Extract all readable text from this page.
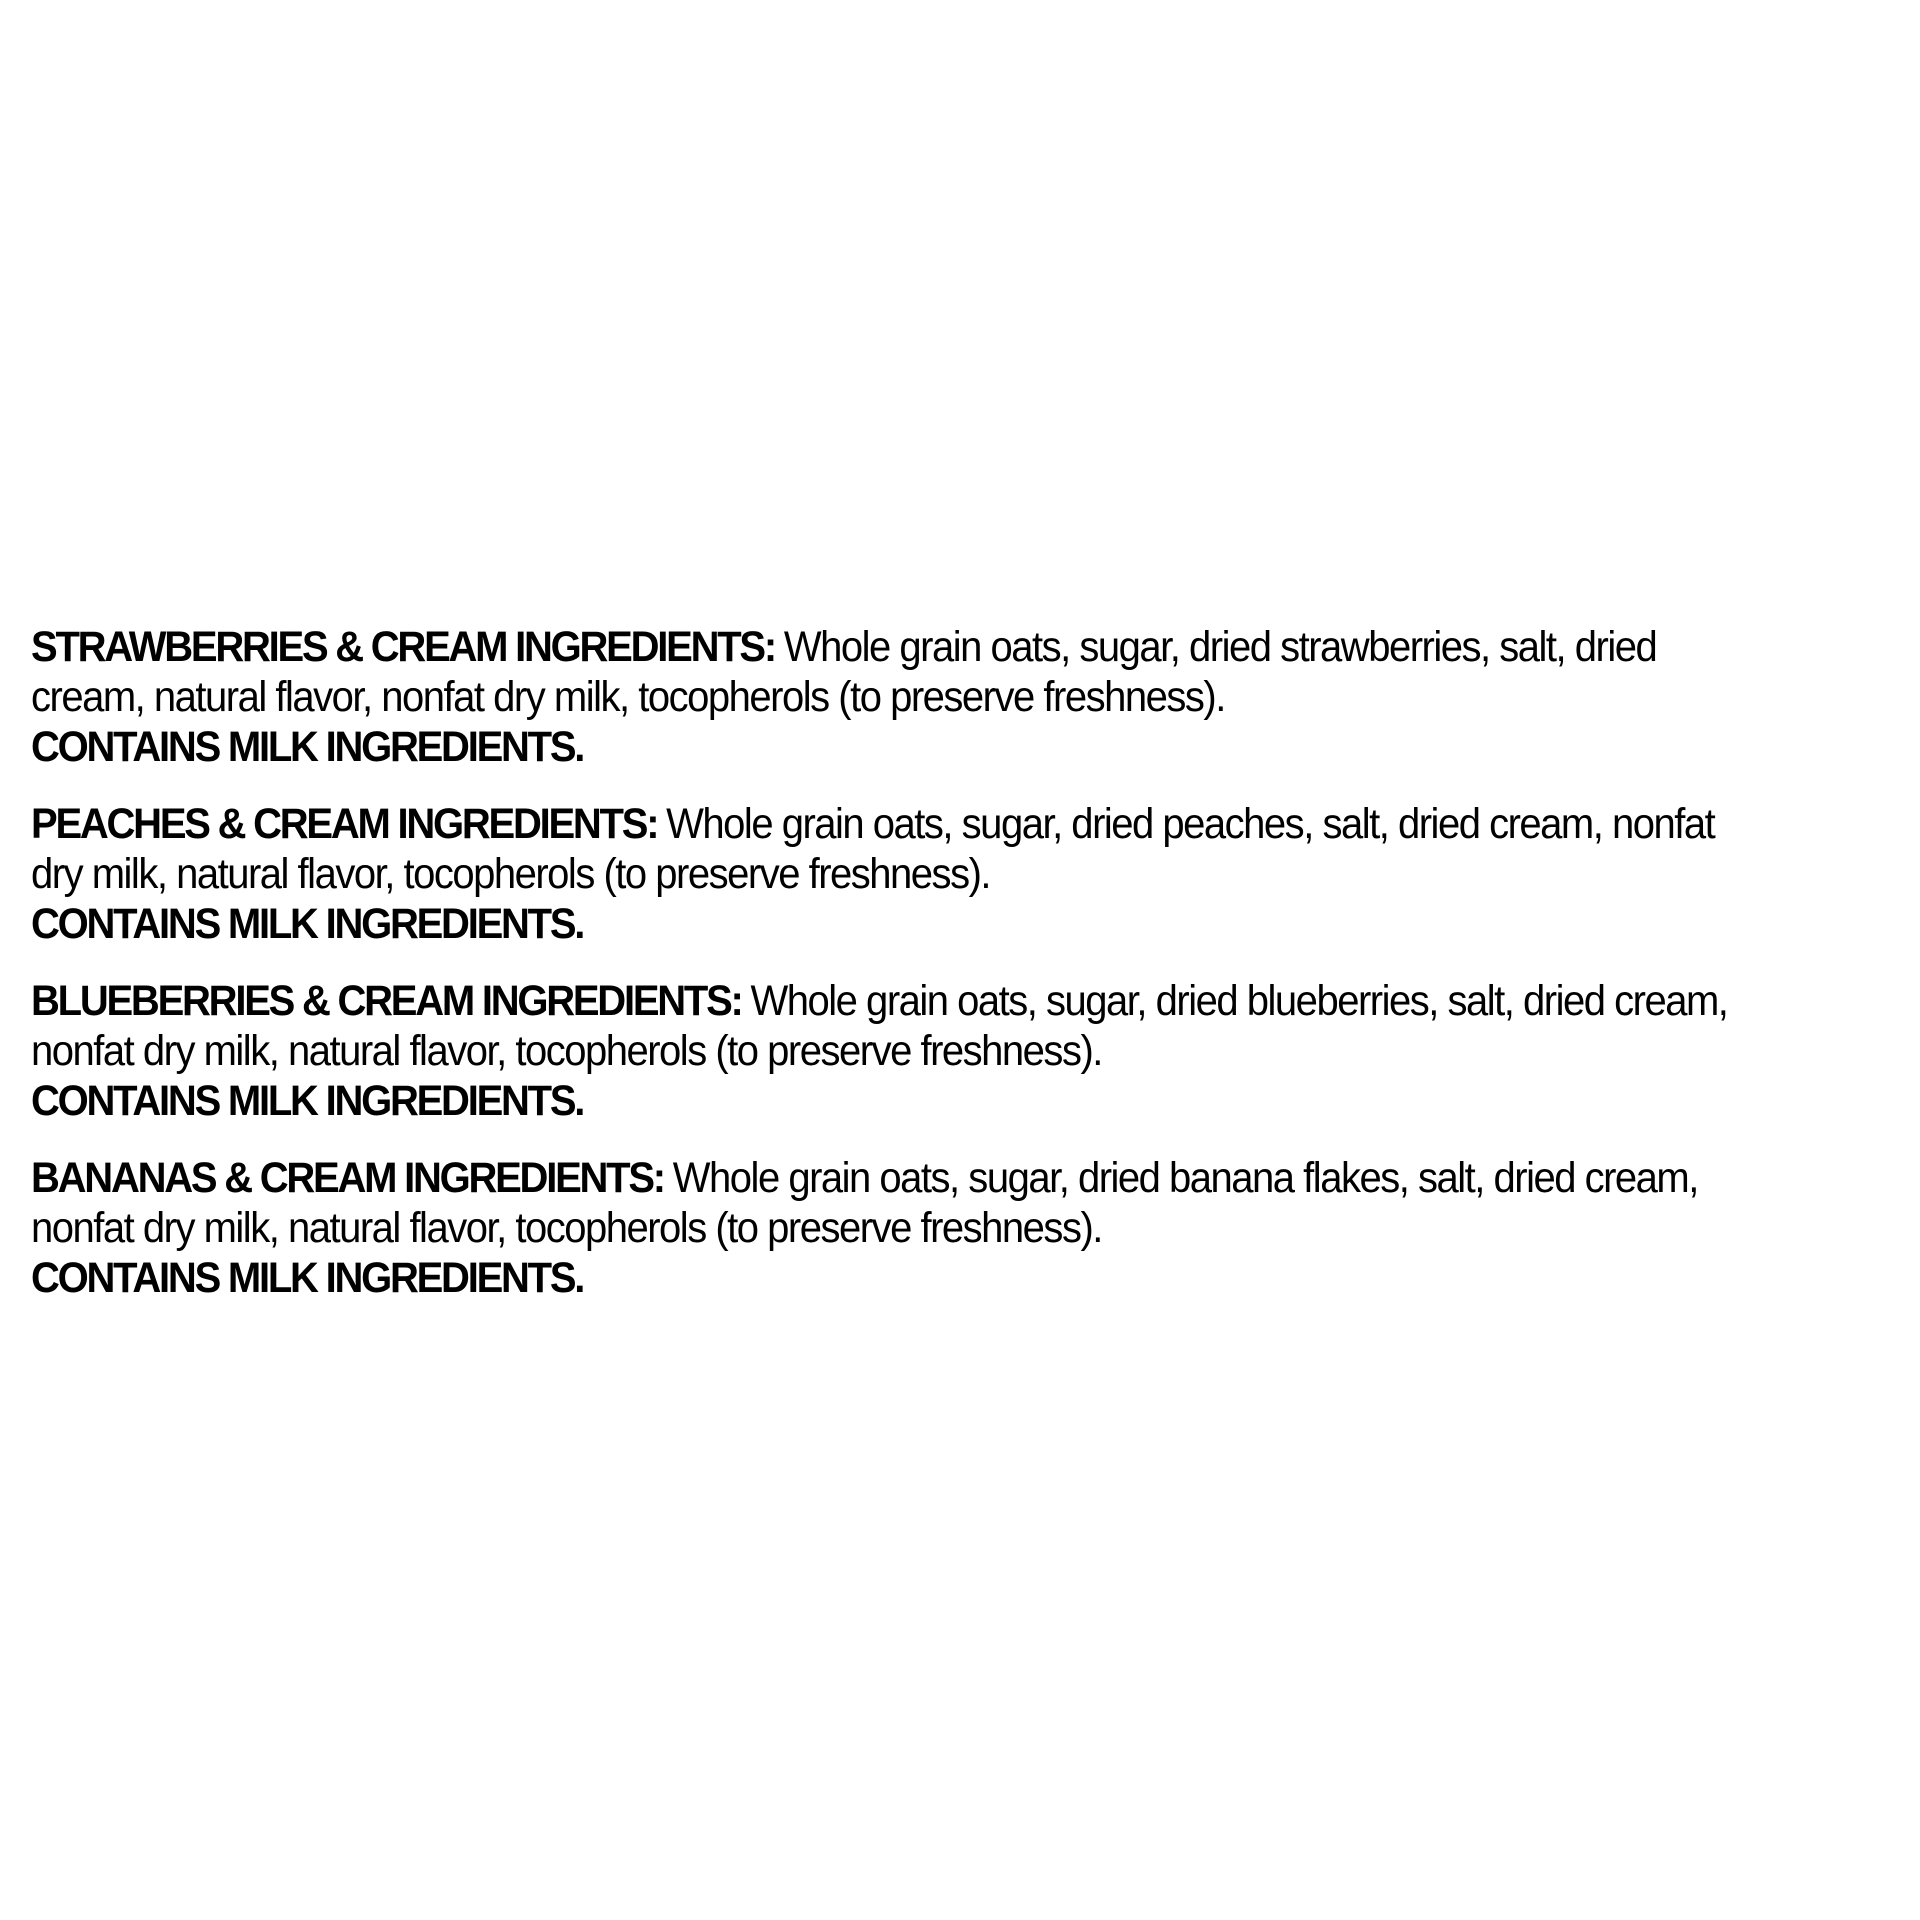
STRAWBERRIES & CREAM INGREDIENTS: Whole grain oats, sugar, dried strawberries, salt, dried cream, natural flavor, nonfat dry milk, tocopherols (to preserve freshness).
CONTAINS MILK INGREDIENTS.
PEACHES & CREAM INGREDIENTS: Whole grain oats, sugar, dried peaches, salt, dried cream, nonfat dry milk, natural flavor, tocopherols (to preserve freshness).
CONTAINS MILK INGREDIENTS.
BLUEBERRIES & CREAM INGREDIENTS: Whole grain oats, sugar, dried blueberries, salt, dried cream, nonfat dry milk, natural flavor, tocopherols (to preserve freshness).
CONTAINS MILK INGREDIENTS.
BANANAS & CREAM INGREDIENTS: Whole grain oats, sugar, dried banana flakes, salt, dried cream, nonfat dry milk, natural flavor, tocopherols (to preserve freshness).
CONTAINS MILK INGREDIENTS.
